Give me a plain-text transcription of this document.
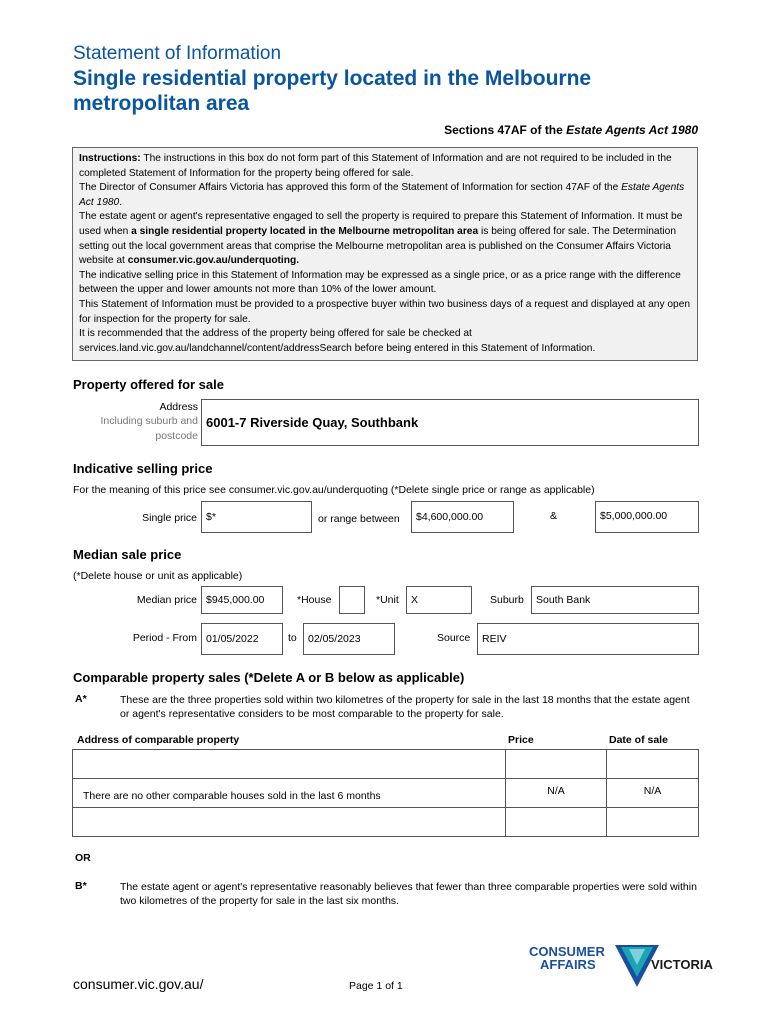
Statement of Information
Single residential property located in the Melbourne metropolitan area
Sections 47AF of the Estate Agents Act 1980

Instructions: The instructions in this box do not form part of this Statement of Information and are not required to be included in the completed Statement of Information for the property being offered for sale.

The Director of Consumer Affairs Victoria has approved this form of the Statement of Information for section 47AF of the Estate Agents Act 1980.

The estate agent or agent's representative engaged to sell the property is required to prepare this Statement of Information. It must be used when a single residential property located in the Melbourne metropolitan area is being offered for sale. The Determination setting out the local government areas that comprise the Melbourne metropolitan area is published on the Consumer Affairs Victoria website at consumer.vic.gov.au/underquoting.

The indicative selling price in this Statement of Information may be expressed as a single price, or as a price range with the difference between the upper and lower amounts not more than 10% of the lower amount.

This Statement of Information must be provided to a prospective buyer within two business days of a request and displayed at any open for inspection for the property for sale.

It is recommended that the address of the property being offered for sale be checked at services.land.vic.gov.au/landchannel/content/addressSearch before being entered in this Statement of Information.

Property offered for sale
Address
Including suburb and
postcode
6001-7 Riverside Quay, Southbank
Indicative selling price
For the meaning of this price see consumer.vic.gov.au/underquoting (*Delete single price or range as applicable)
Single price $*	or range between $4,600,000.00	&	$5,000,000.00
Median sale price
(*Delete house or unit as applicable)
Median price $945,000.00	*House	*Unit X	Suburb South Bank
Period - From 01/05/2022	to 02/05/2023	Source REIV
Comparable property sales (*Delete A or B below as applicable)
A*	These are the three properties sold within two kilometres of the property for sale in the last 18 months that the estate agent or agent's representative considers to be most comparable to the property for sale.
Address of comparable property	Price	Date of sale

There are no other comparable houses sold in the last 6 months	N/A	N/A

OR
B*	The estate agent or agent's representative reasonably believes that fewer than three comparable properties were sold within two kilometres of the property for sale in the last six months.
consumer.vic.gov.au/	Page 1 of 1
CONSUMER
AFFAIRS	VICTORIA
